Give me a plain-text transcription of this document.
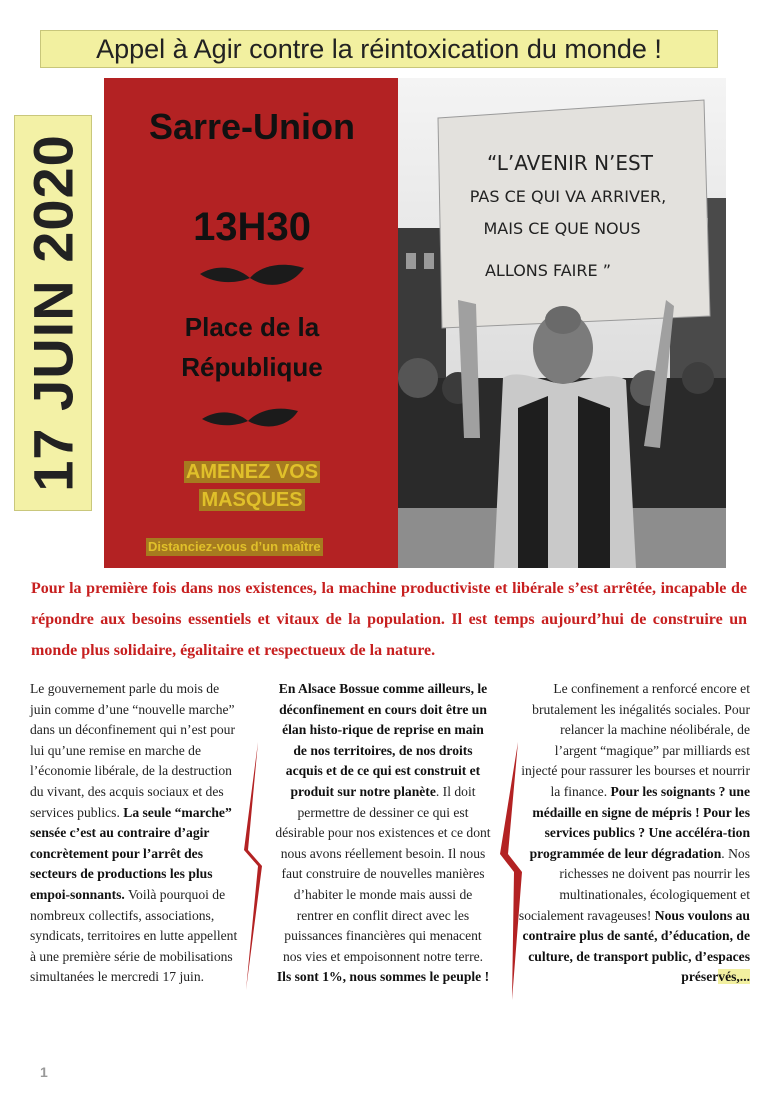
Appel à Agir contre la réintoxication du monde !
17 JUIN 2020
Sarre-Union
13H30
Place de la
République
AMENEZ VOS MASQUES
Distanciez-vous d’un maître
“L’AVENIR N’EST
PAS CE QUI VA ARRIVER,
MAIS CE QUE NOUS
ALLONS FAIRE ”
Pour la première fois dans nos existences, la machine productiviste et libérale s’est arrêtée, incapable de répondre aux besoins essentiels et vitaux de la population. Il est temps aujourd’hui de construire un monde plus solidaire, égalitaire et respectueux de la nature.
Le gouvernement parle du mois de juin comme d’une “nouvelle marche” dans un déconfinement qui n’est pour lui qu’une remise en marche de l’économie libérale, de la destruction du vivant, des acquis sociaux et des services publics. La seule “marche” sensée c’est au contraire d’agir concrètement pour l’arrêt des secteurs de productions les plus empoi-sonnants. Voilà pourquoi de nombreux collectifs, associations, syndicats, territoires en lutte appellent à une première série de mobilisations simultanées le mercredi 17 juin.
En Alsace Bossue comme ailleurs, le déconfinement en cours doit être un élan histo-rique de reprise en main de nos territoires, de nos droits acquis et de ce qui est construit et produit sur notre planète. Il doit permettre de dessiner ce qui est désirable pour nos existences et ce dont nous avons réellement besoin. Il nous faut construire de nouvelles manières d’habiter le monde mais aussi de rentrer en conflit direct avec les puissances financières qui menacent nos vies et empoisonnent notre terre. Ils sont 1%, nous sommes le peuple !
Le confinement a renforcé encore et brutalement les inégalités sociales. Pour relancer la machine néolibérale, de l’argent “magique” par milliards est injecté pour rassurer les bourses et nourrir la finance. Pour les soignants ? une médaille en signe de mépris ! Pour les services publics ? Une accéléra-tion programmée de leur dégradation. Nos richesses ne doivent pas nourrir les multinationales, écologiquement et socialement ravageuses! Nous voulons au contraire plus de santé, d’éducation, de culture, de transport public, d’espaces préservés,...
1
